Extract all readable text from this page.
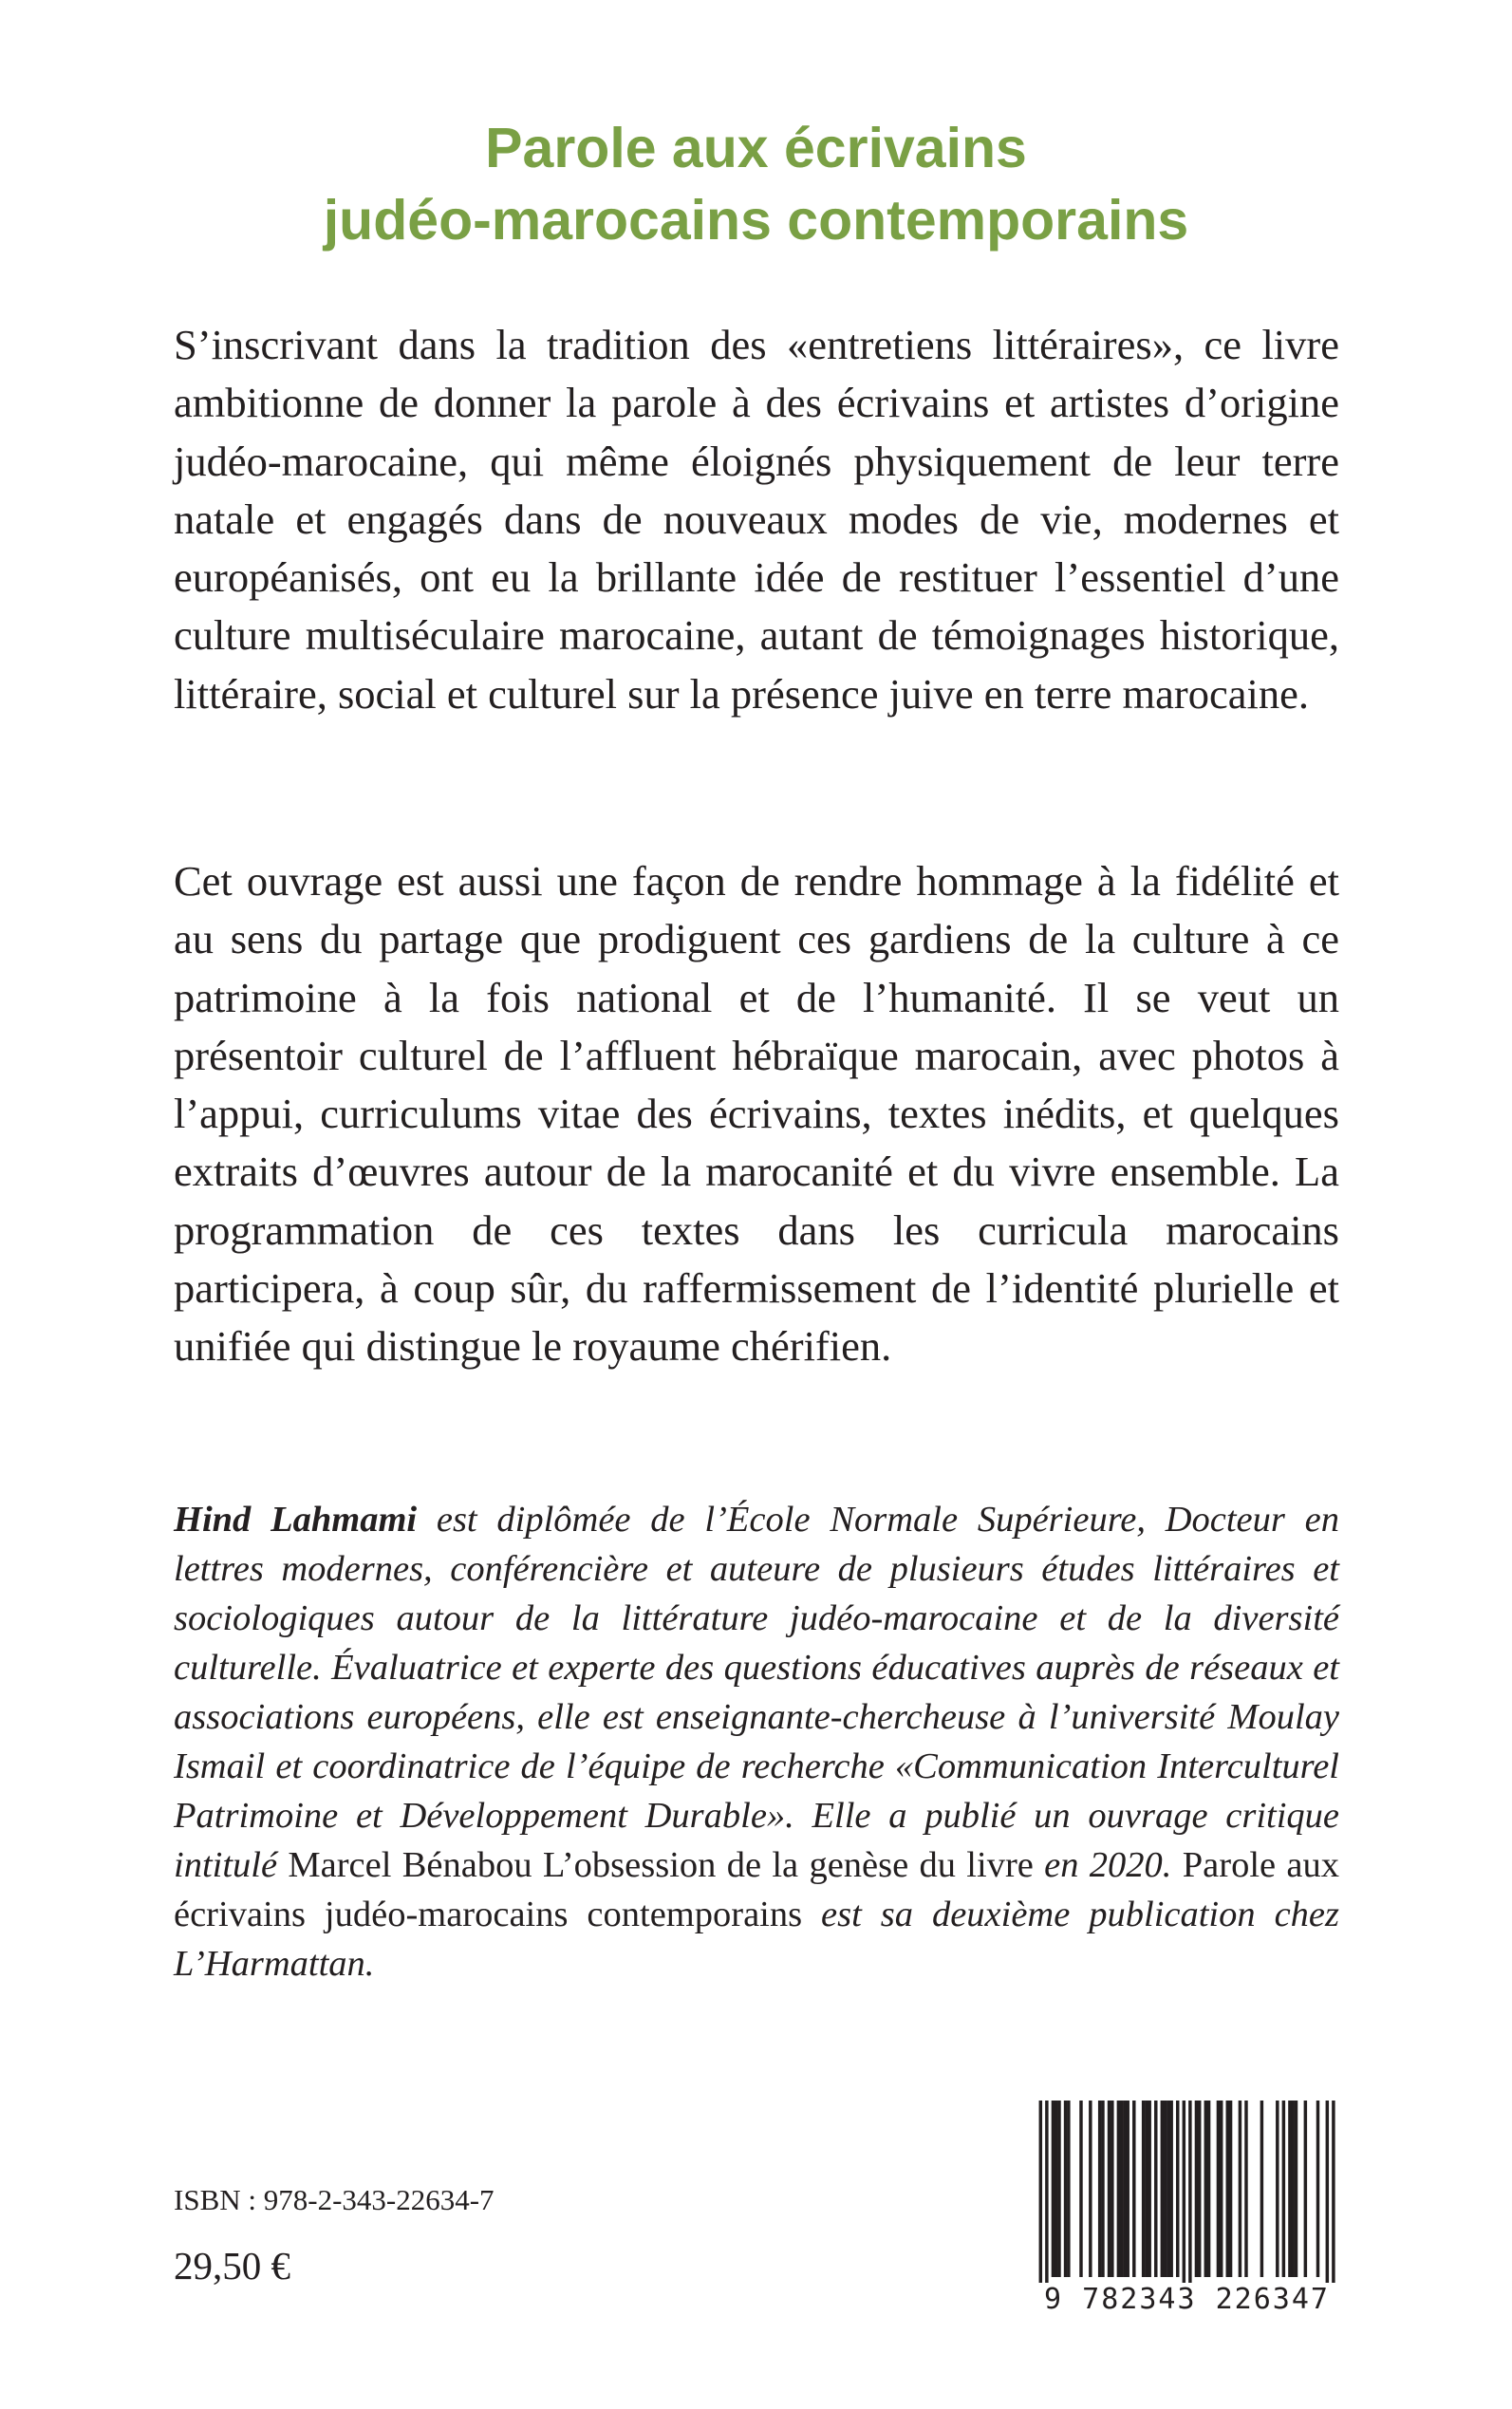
Parole aux écrivains
judéo-marocains contemporains

S’inscrivant dans la tradition des «entretiens littéraires», ce livre ambitionne de donner la parole à des écrivains et artistes d’origine judéo-marocaine, qui même éloignés physiquement de leur terre natale et engagés dans de nouveaux modes de vie, modernes et européanisés, ont eu la brillante idée de restituer l’essentiel d’une culture multiséculaire marocaine, autant de témoignages historique, littéraire, social et culturel sur la présence juive en terre marocaine.

Cet ouvrage est aussi une façon de rendre hommage à la fidélité et au sens du partage que prodiguent ces gardiens de la culture à ce patrimoine à la fois national et de l’humanité. Il se veut un présentoir culturel de l’affluent hébraïque marocain, avec photos à l’appui, curriculums vitae des écrivains, textes inédits, et quelques extraits d’œuvres autour de la marocanité et du vivre ensemble. La programmation de ces textes dans les curricula marocains participera, à coup sûr, du raffermissement de l’identité plurielle et unifiée qui distingue le royaume chérifien.

Hind Lahmami est diplômée de l’École Normale Supérieure, Docteur en lettres modernes, conférencière et auteure de plusieurs études littéraires et sociologiques autour de la littérature judéo-marocaine et de la diversité culturelle. Évaluatrice et experte des questions éducatives auprès de réseaux et associations européens, elle est enseignante-chercheuse à l’université Moulay Ismail et coordinatrice de l’équipe de recherche «Communication Interculturel Patrimoine et Développement Durable». Elle a publié un ouvrage critique intitulé Marcel Bénabou L’obsession de la genèse du livre en 2020. Parole aux écrivains judéo-marocains contemporains est sa deuxième publication chez L’Harmattan.

ISBN : 978-2-343-22634-7
29,50 €
9 782343 226347
